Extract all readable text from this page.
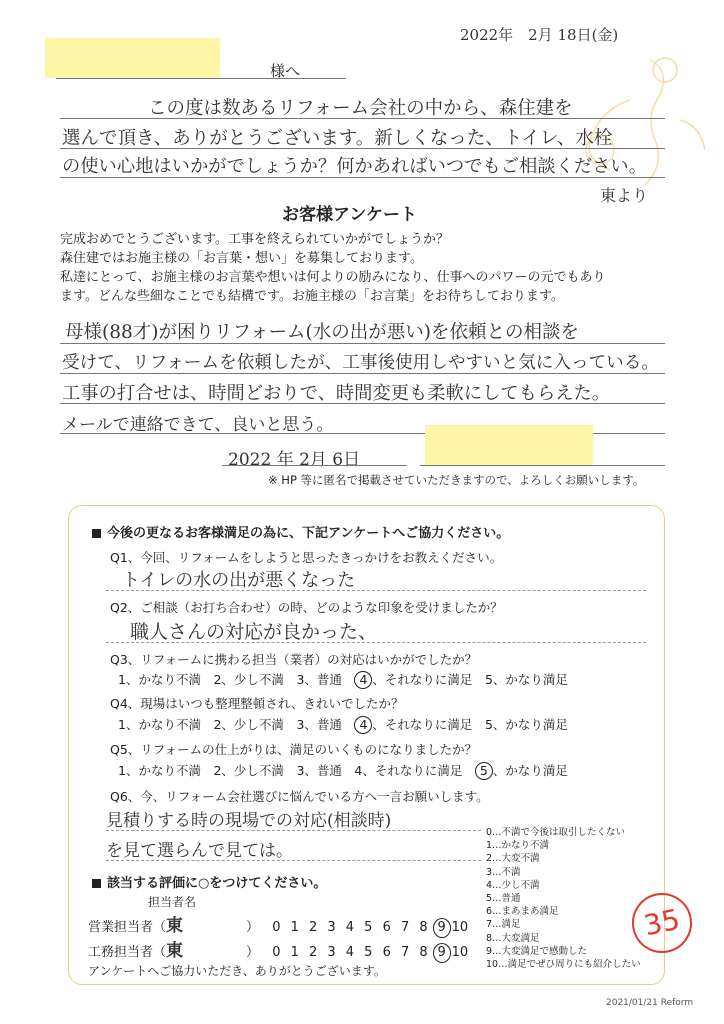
2022年　2月 18日(金)
様へ
この度は数あるリフォーム会社の中から、森住建を
選んで頂き、ありがとうございます。新しくなった、トイレ、水栓
の使い心地はいかがでしょうか？何かあればいつでもご相談ください。
東より
お客様アンケート
完成おめでとうございます。工事を終えられていかがでしょうか？
森住建ではお施主様の「お言葉・想い」を募集しております。
私達にとって、お施主様のお言葉や想いは何よりの励みになり、仕事へのパワーの元でもあり
ます。どんな些細なことでも結構です。お施主様の「お言葉」をお待ちしております。
母様(88才)が困りリフォーム(水の出が悪い)を依頼との相談を
受けて、リフォームを依頼したが、工事後使用しやすいと気に入っている。
工事の打合せは、時間どおりで、時間変更も柔軟にしてもらえた。
メールで連絡できて、良いと思う。
2022 年 2月 6日
※ HP 等に匿名で掲載させていただきますので、よろしくお願いします。
今後の更なるお客様満足の為に、下記アンケートへご協力ください。
Q1、今回、リフォームをしようと思ったきっかけをお教えください。
トイレの水の出が悪くなった
Q2、ご相談（お打ち合わせ）の時、どのような印象を受けましたか？
職人さんの対応が良かった、
Q3、リフォームに携わる担当（業者）の対応はいかがでしたか？
1、かなり不満　 2、少し不満　 3、普通　 4 、それなりに満足　 5、かなり満足
Q4、現場はいつも整理整頓され、きれいでしたか？
1、かなり不満　 2、少し不満　 3、普通　 4 、それなりに満足　 5、かなり満足
Q5、リフォームの仕上がりは、満足のいくものになりましたか？
1、かなり不満　 2、少し不満　 3、普通　 4、それなりに満足　 5 、かなり満足
Q6、今、リフォーム会社選びに悩んでいる方へ一言お願いします。
見積りする時の現場での対応(相談時)
を見て選らんで見ては。
0…不満で今後は取引したくない
1…かなり不満
2…大変不満
3…不満
4…少し不満
5…普通
6…まあまあ満足
7…満足
8…大変満足
9…大変満足で感動した
10…満足でぜひ周りにも紹介したい
該当する評価に○をつけてください。
担当者名
営業担当者（東	） 0 1 2 3 4 5 6 7 8 9 10
工務担当者（東	） 0 1 2 3 4 5 6 7 8 9 10
アンケートへご協力いただき、ありがとうございます。
35
2021/01/21 Reform
